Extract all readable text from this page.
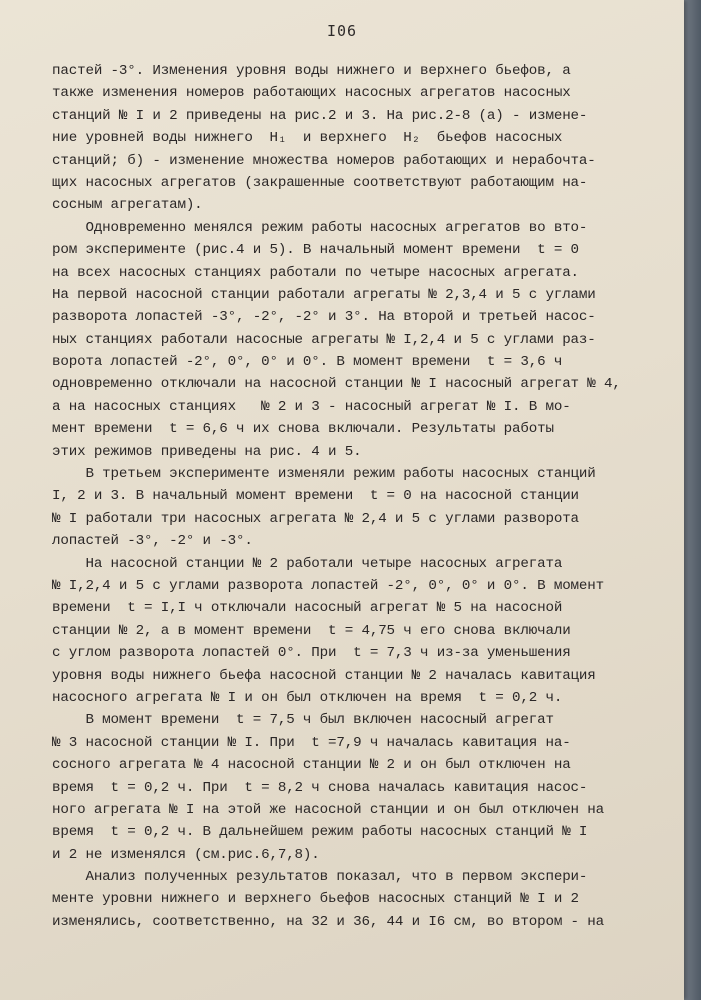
I06
пастей -3°. Изменения уровня воды нижнего и верхнего бьефов, а
также изменения номеров работающих насосных агрегатов насосных
станций № I и 2 приведены на рис.2 и 3. На рис.2-8 (а) - измене-
ние уровней воды нижнего  H₁  и верхнего  H₂  бьефов насосных
станций; б) - изменение множества номеров работающих и нерабочта-
щих насосных агрегатов (закрашенные соответствуют работающим на-
сосным агрегатам).
Одновременно менялся режим работы насосных агрегатов во вто-
ром эксперименте (рис.4 и 5). В начальный момент времени  t = 0
на всех насосных станциях работали по четыре насосных агрегата.
На первой насосной станции работали агрегаты № 2,3,4 и 5 с углами
разворота лопастей -3°, -2°, -2° и 3°. На второй и третьей насос-
ных станциях работали насосные агрегаты № I,2,4 и 5 с углами раз-
ворота лопастей -2°, 0°, 0° и 0°. В момент времени  t = 3,6 ч
одновременно отключали на насосной станции № I насосный агрегат № 4,
а на насосных станциях   № 2 и 3 - насосный агрегат № I. В мо-
мент времени  t = 6,6 ч их снова включали. Результаты работы
этих режимов приведены на рис. 4 и 5.
В третьем эксперименте изменяли режим работы насосных станций
I, 2 и 3. В начальный момент времени  t = 0 на насосной станции
№ I работали три насосных агрегата № 2,4 и 5 с углами разворота
лопастей -3°, -2° и -3°.
На насосной станции № 2 работали четыре насосных агрегата
№ I,2,4 и 5 с углами разворота лопастей -2°, 0°, 0° и 0°. В момент
времени  t = I,I ч отключали насосный агрегат № 5 на насосной
станции № 2, а в момент времени  t = 4,75 ч его снова включали
с углом разворота лопастей 0°. При  t = 7,3 ч из-за уменьшения
уровня воды нижнего бьефа насосной станции № 2 началась кавитация
насосного агрегата № I и он был отключен на время  t = 0,2 ч.
В момент времени  t = 7,5 ч был включен насосный агрегат
№ 3 насосной станции № I. При  t =7,9 ч началась кавитация на-
сосного агрегата № 4 насосной станции № 2 и он был отключен на
время  t = 0,2 ч. При  t = 8,2 ч снова началась кавитация насос-
ного агрегата № I на этой же насосной станции и он был отключен на
время  t = 0,2 ч. В дальнейшем режим работы насосных станций № I
и 2 не изменялся (см.рис.6,7,8).
Анализ полученных результатов показал, что в первом экспери-
менте уровни нижнего и верхнего бьефов насосных станций № I и 2
изменялись, соответственно, на 32 и 36, 44 и I6 см, во втором - на
